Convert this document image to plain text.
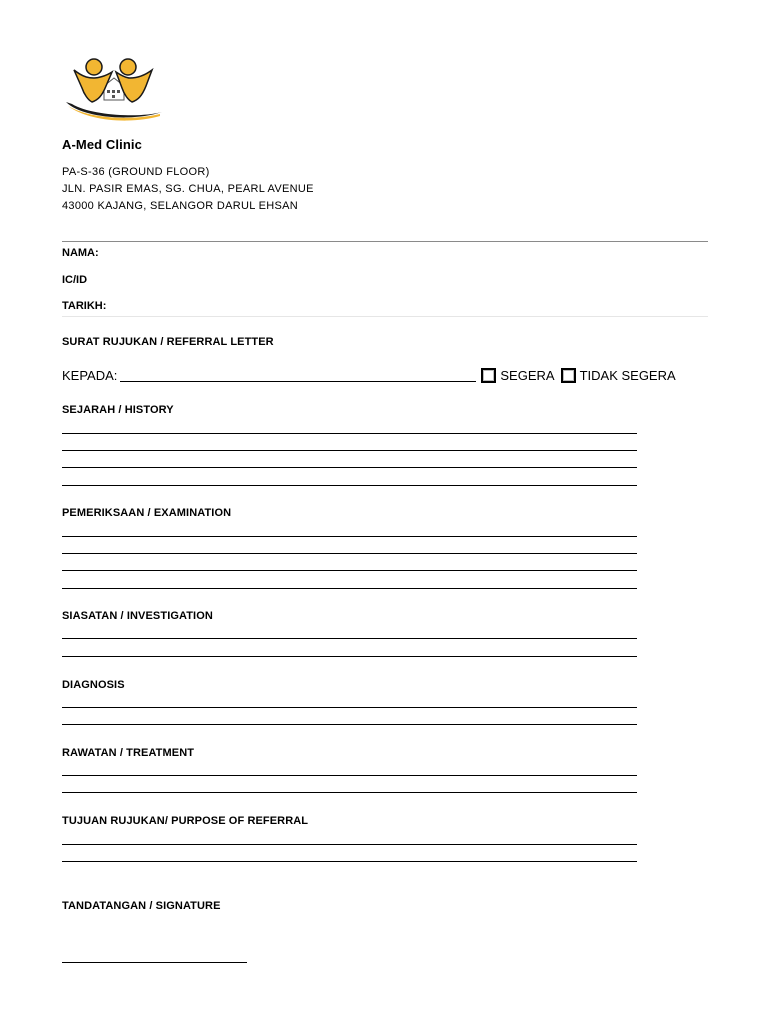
A-Med Clinic
PA-S-36 (GROUND FLOOR)
JLN. PASIR EMAS, SG. CHUA, PEARL AVENUE
43000 KAJANG, SELANGOR DARUL EHSAN
NAMA:
IC/ID
TARIKH:
SURAT RUJUKAN / REFERRAL LETTER
KEPADA:	SEGERA TIDAK SEGERA
SEJARAH / HISTORY
PEMERIKSAAN / EXAMINATION
SIASATAN / INVESTIGATION
DIAGNOSIS
RAWATAN / TREATMENT
TUJUAN RUJUKAN/ PURPOSE OF REFERRAL
TANDATANGAN / SIGNATURE
